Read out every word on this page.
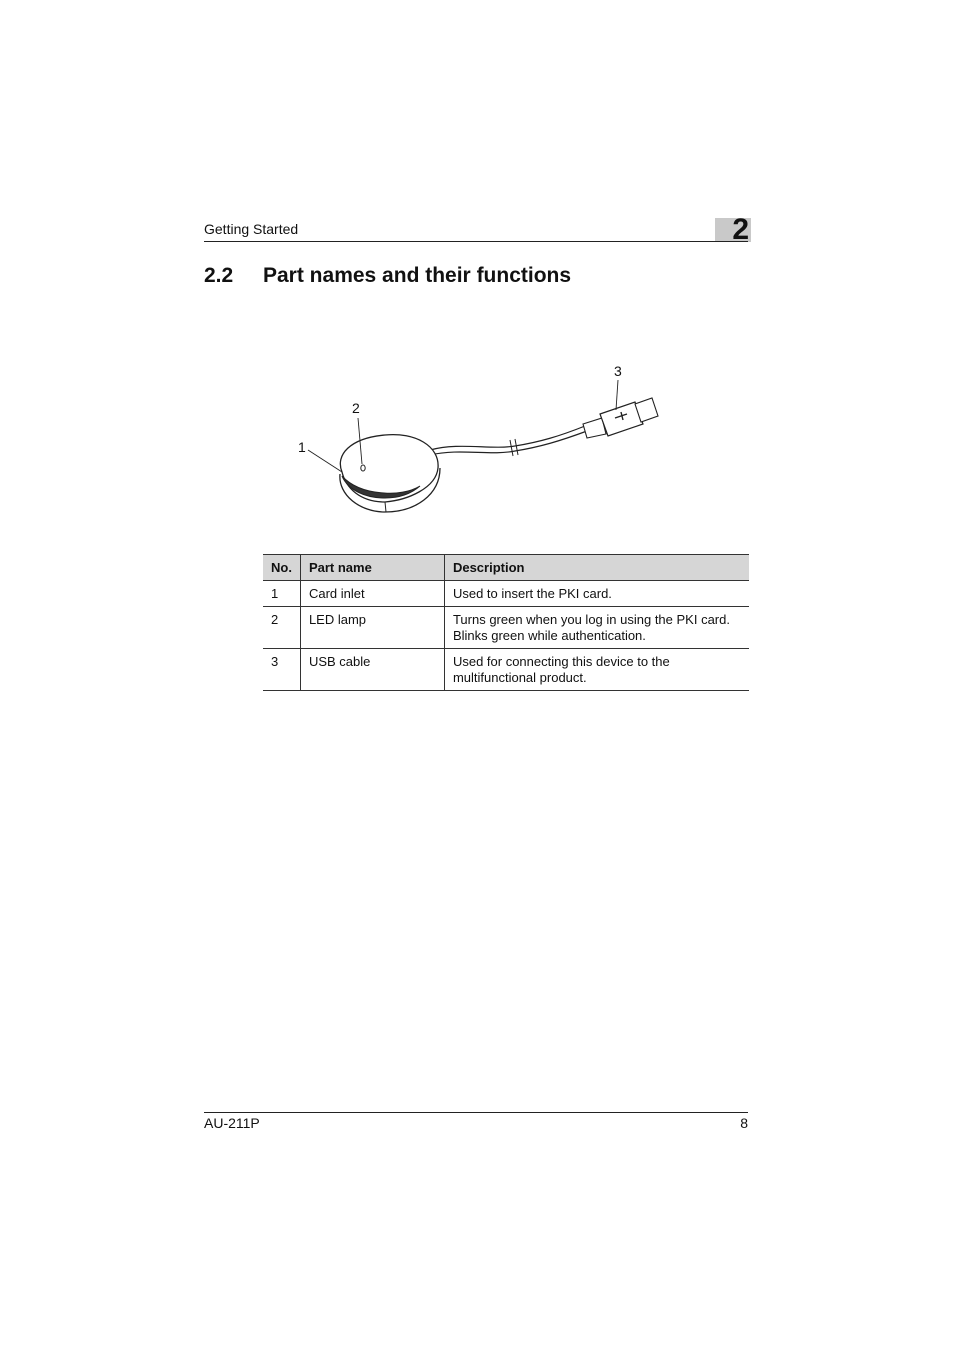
Getting Started	2
2.2 Part names and their functions
1
2
3
No.	Part name	Description
1	Card inlet	Used to insert the PKI card.

2	LED lamp	Turns green when you log in using the PKI card.
Blinks green while authentication.

3	USB cable	Used for connecting this device to the
multifunctional product.
AU-211P	8
